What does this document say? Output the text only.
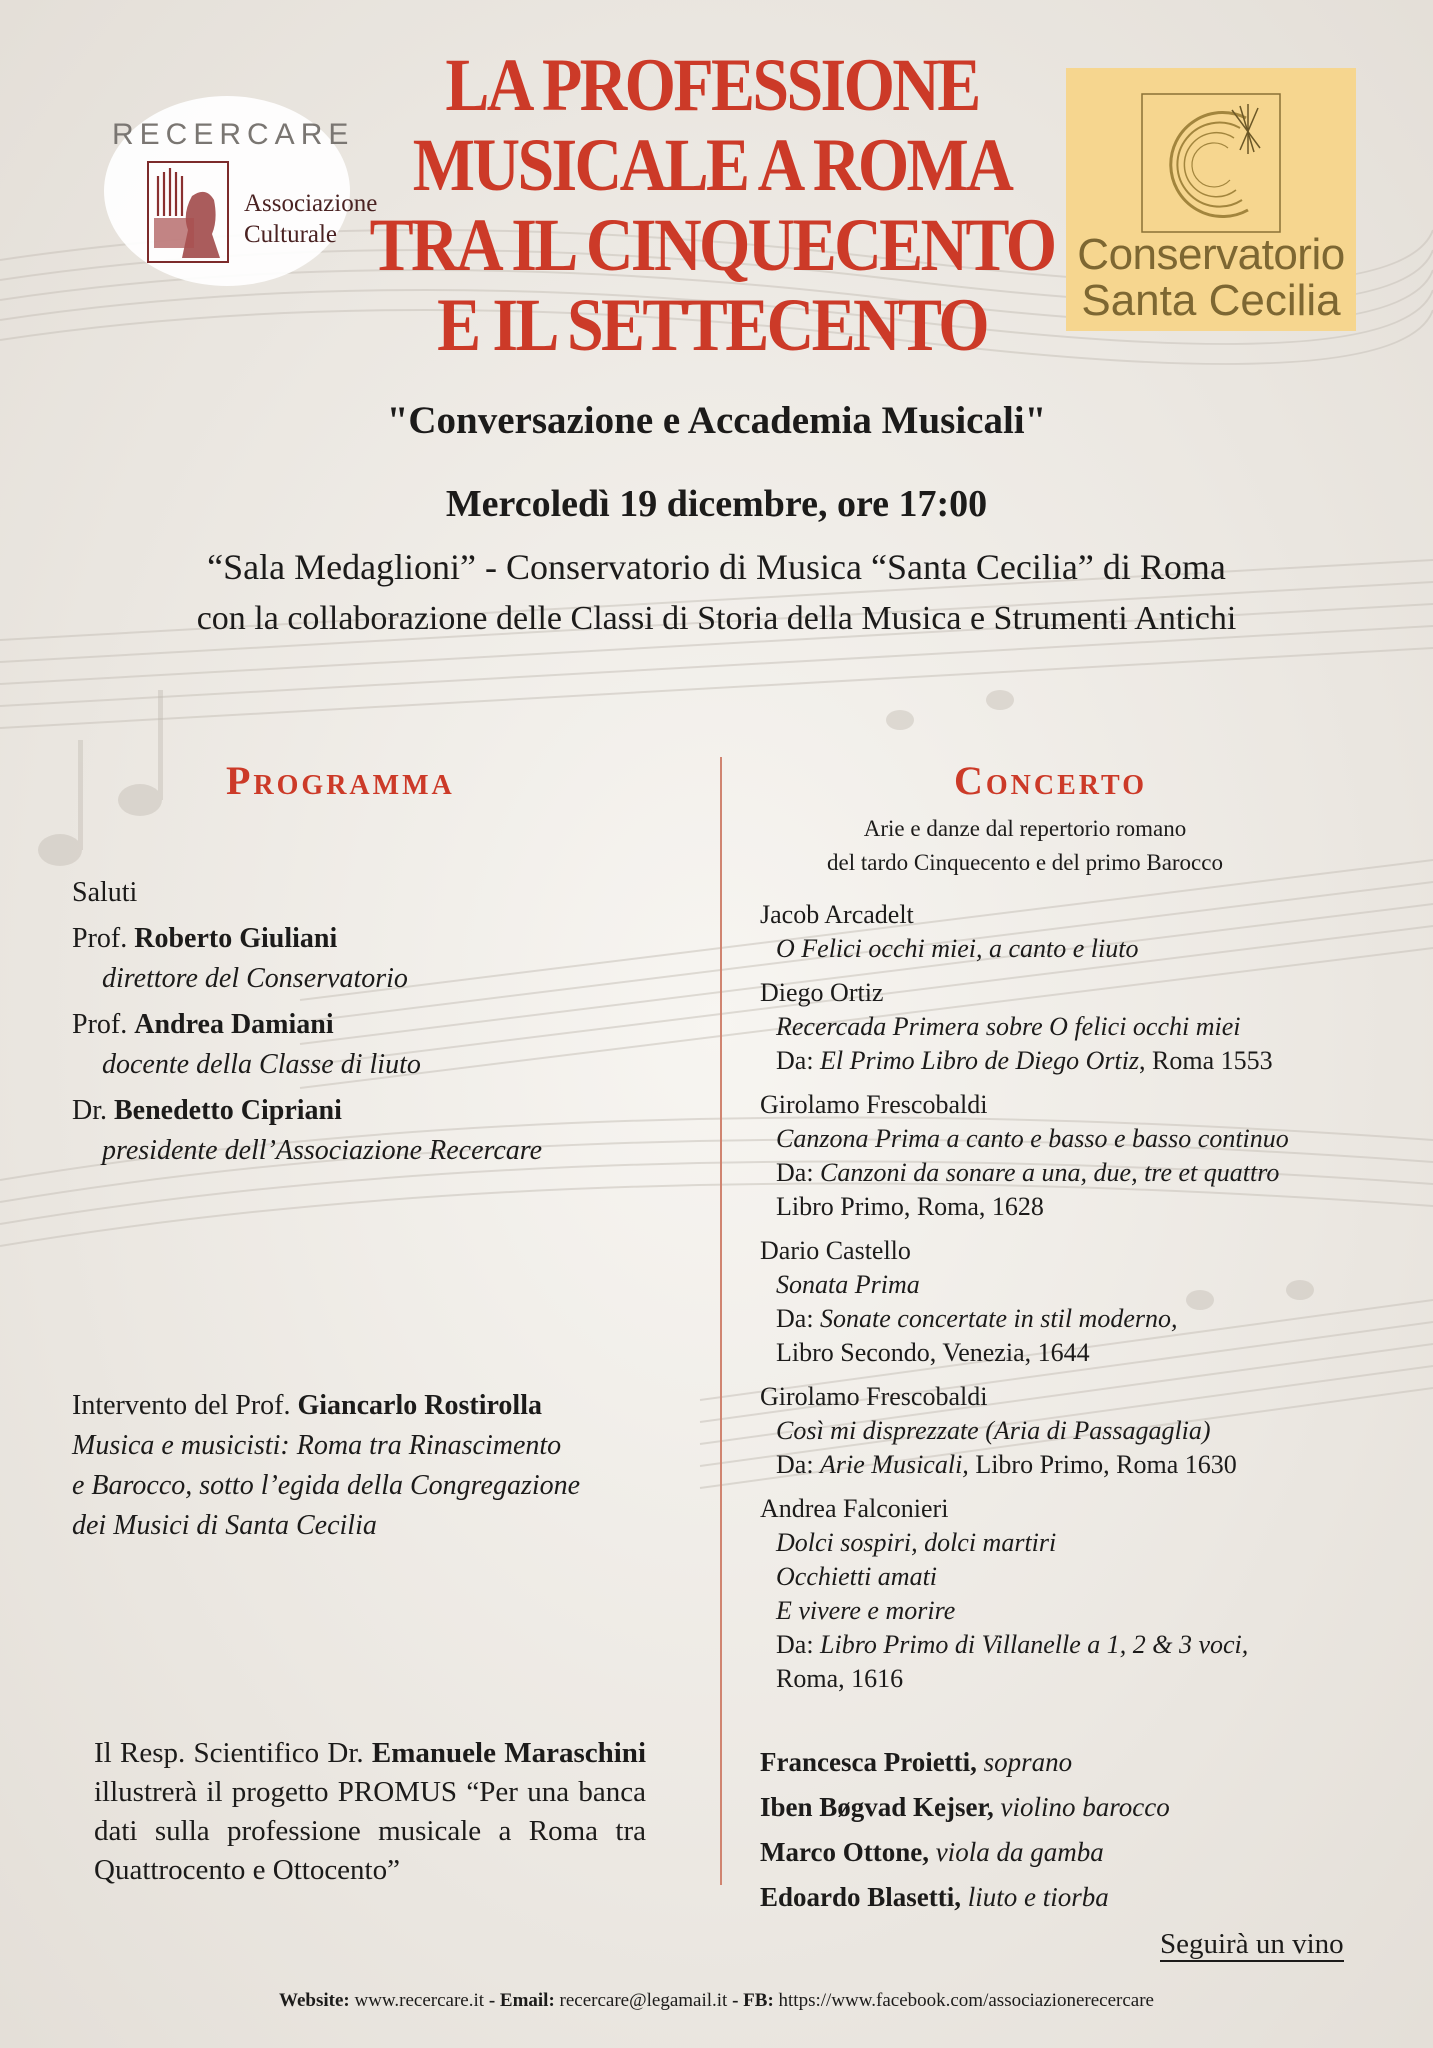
RECERCARE
Associazione
Culturale	Conservatorio
Santa Cecilia
LA PROFESSIONE
MUSICALE A ROMA
TRA IL CINQUECENTO
E IL SETTECENTO
"Conversazione e Accademia Musicali"
Mercoledì 19 dicembre, ore 17:00
“Sala Medaglioni” - Conservatorio di Musica “Santa Cecilia” di Roma
con la collaborazione delle Classi di Storia della Musica e Strumenti Antichi
Programma	Concerto
Saluti
Prof. Roberto Giuliani
direttore del Conservatorio
Prof. Andrea Damiani
docente della Classe di liuto
Dr. Benedetto Cipriani
presidente dell’Associazione Recercare
Intervento del Prof. Giancarlo Rostirolla
Musica e musicisti: Roma tra Rinascimento
e Barocco, sotto l’egida della Congregazione
dei Musici di Santa Cecilia
Il Resp. Scientifico Dr. Emanuele Maraschini illustrerà il progetto PROMUS “Per una banca dati sulla professione musicale a Roma tra Quattrocento e Ottocento”
Arie e danze dal repertorio romano
del tardo Cinquecento e del primo Barocco
Jacob Arcadelt
O Felici occhi miei, a canto e liuto
Diego Ortiz
Recercada Primera sobre O felici occhi miei
Da: El Primo Libro de Diego Ortiz, Roma 1553
Girolamo Frescobaldi
Canzona Prima a canto e basso e basso continuo
Da: Canzoni da sonare a una, due, tre et quattro
Libro Primo, Roma, 1628
Dario Castello
Sonata Prima
Da: Sonate concertate in stil moderno,
Libro Secondo, Venezia, 1644
Girolamo Frescobaldi
Così mi disprezzate (Aria di Passagaglia)
Da: Arie Musicali, Libro Primo, Roma 1630
Andrea Falconieri
Dolci sospiri, dolci martiri
Occhietti amati
E vivere e morire
Da: Libro Primo di Villanelle a 1, 2 & 3 voci,
Roma, 1616
Francesca Proietti, soprano
Iben Bøgvad Kejser, violino barocco
Marco Ottone, viola da gamba
Edoardo Blasetti, liuto e tiorba
Seguirà un vino
Website: www.recercare.it - Email: recercare@legamail.it - FB: https://www.facebook.com/associazionerecercare
